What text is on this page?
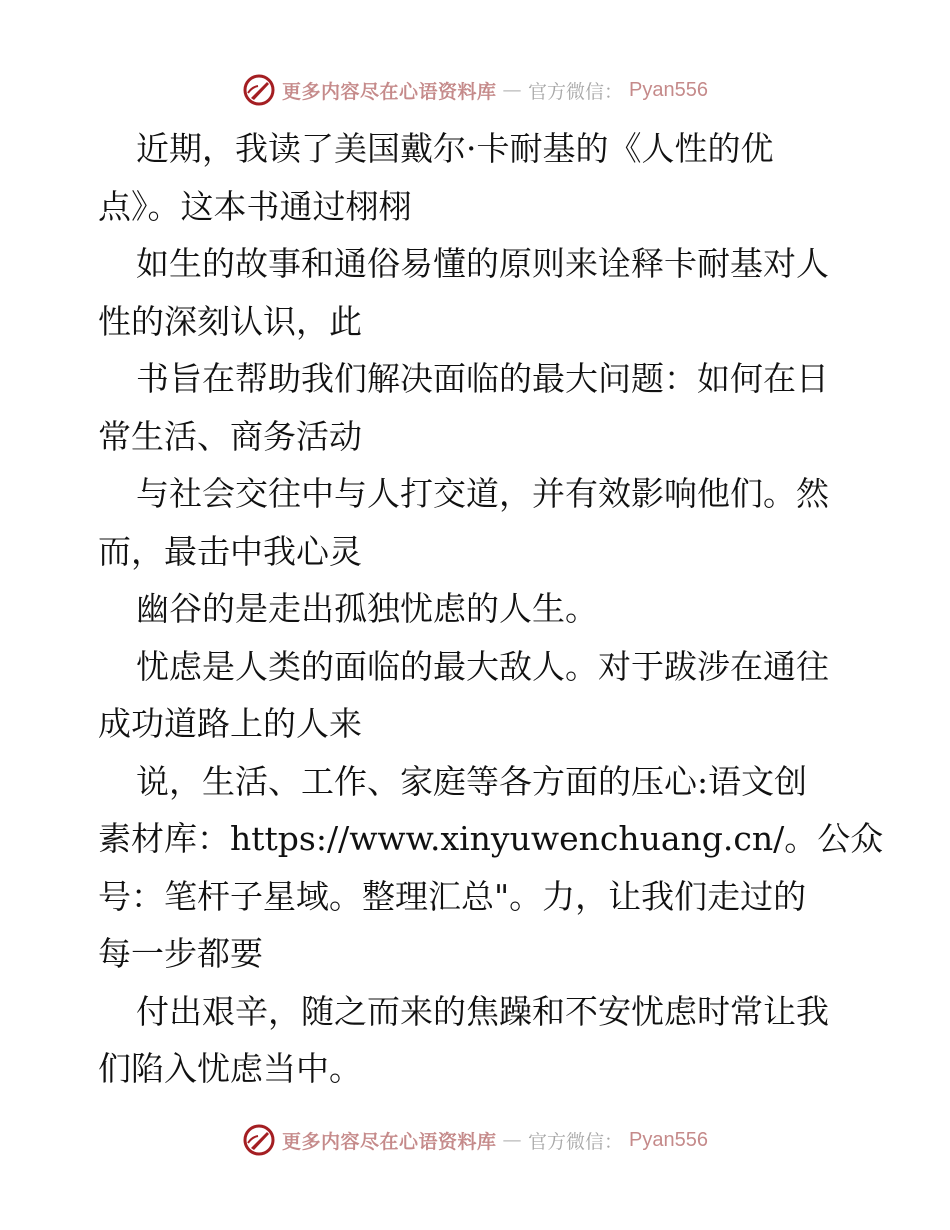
更多内容尽在心语资料库 — 官方微信： Pyan556

近期，我读了美国戴尔·卡耐基的《人性的优

点》。这本书通过栩栩

如生的故事和通俗易懂的原则来诠释卡耐基对人

性的深刻认识，此

书旨在帮助我们解决面临的最大问题：如何在日

常生活、商务活动

与社会交往中与人打交道，并有效影响他们。然

而，最击中我心灵

幽谷的是走出孤独忧虑的人生。

忧虑是人类的面临的最大敌人。对于跋涉在通往

成功道路上的人来

说，生活、工作、家庭等各方面的压心:语文创

素材库：https://www.xinyuwenchuang.cn/。公众

号：笔杆子星域。整理汇总"。力，让我们走过的

每一步都要

付出艰辛，随之而来的焦躁和不安忧虑时常让我

们陷入忧虑当中。

更多内容尽在心语资料库 — 官方微信： Pyan556
